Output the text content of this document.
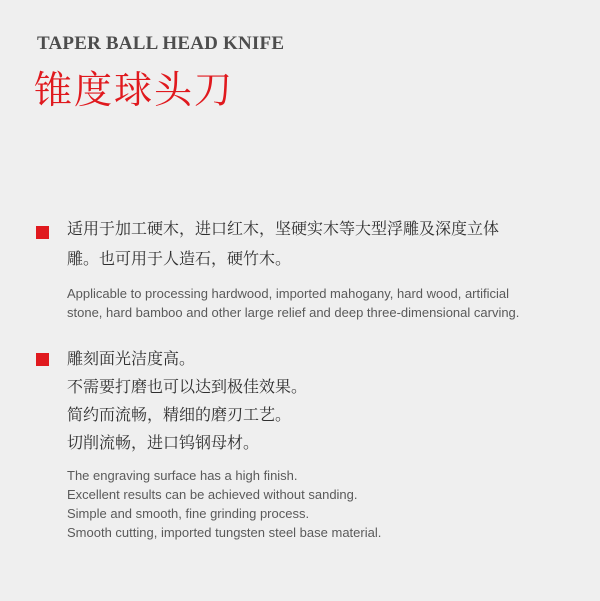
TAPER BALL HEAD KNIFE
锥度球头刀
适用于加工硬木，进口红木，坚硬实木等大型浮雕及深度立体
雕。也可用于人造石，硬竹木。
Applicable to processing hardwood, imported mahogany, hard wood, artificial
stone, hard bamboo and other large relief and deep three-dimensional carving.
雕刻面光洁度高。
不需要打磨也可以达到极佳效果。
简约而流畅，精细的磨刃工艺。
切削流畅，进口钨钢母材。
The engraving surface has a high finish.
Excellent results can be achieved without sanding.
Simple and smooth, fine grinding process.
Smooth cutting, imported tungsten steel base material.
